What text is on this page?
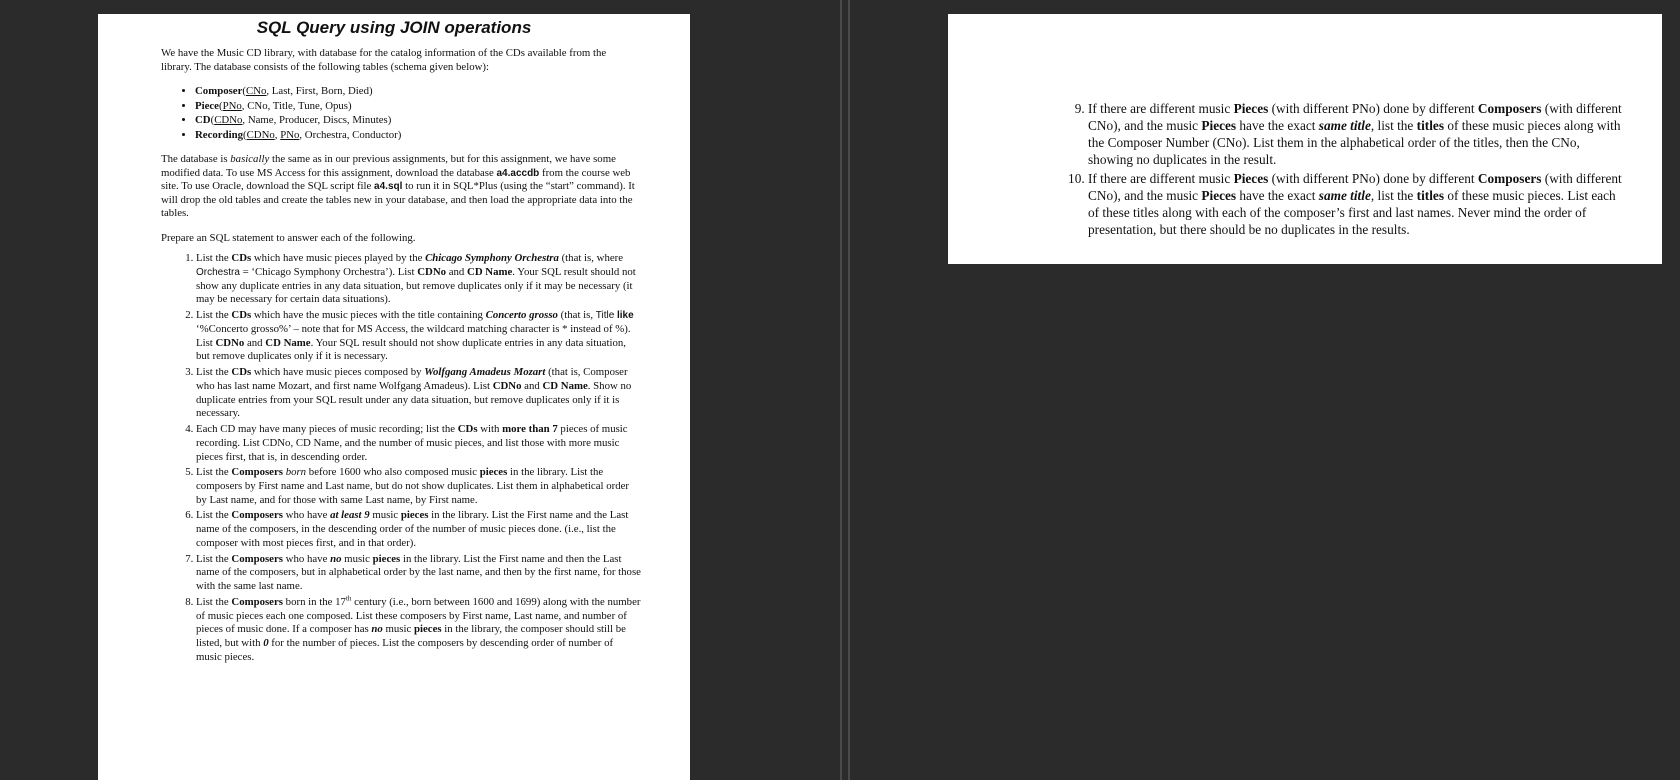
SQL Query using JOIN operations

We have the Music CD library, with database for the catalog information of the CDs available from the library. The database consists of the following tables (schema given below):

• Composer(CNo, Last, First, Born, Died)
• Piece(PNo, CNo, Title, Tune, Opus)
• CD(CDNo, Name, Producer, Discs, Minutes)
• Recording(CDNo, PNo, Orchestra, Conductor)

The database is basically the same as in our previous assignments, but for this assignment, we have some modified data. To use MS Access for this assignment, download the database a4.accdb from the course web site. To use Oracle, download the SQL script file a4.sql to run it in SQL*Plus (using the “start” command). It will drop the old tables and create the tables new in your database, and then load the appropriate data into the tables.

Prepare an SQL statement to answer each of the following.

1. List the CDs which have music pieces played by the Chicago Symphony Orchestra (that is, where Orchestra = ‘Chicago Symphony Orchestra’). List CDNo and CD Name. Your SQL result should not show any duplicate entries in any data situation, but remove duplicates only if it may be necessary (it may be necessary for certain data situations).
2. List the CDs which have the music pieces with the title containing Concerto grosso (that is, Title like ‘%Concerto grosso%’ – note that for MS Access, the wildcard matching character is * instead of %). List CDNo and CD Name. Your SQL result should not show duplicate entries in any data situation, but remove duplicates only if it is necessary.
3. List the CDs which have music pieces composed by Wolfgang Amadeus Mozart (that is, Composer who has last name Mozart, and first name Wolfgang Amadeus). List CDNo and CD Name. Show no duplicate entries from your SQL result under any data situation, but remove duplicates only if it is necessary.
4. Each CD may have many pieces of music recording; list the CDs with more than 7 pieces of music recording. List CDNo, CD Name, and the number of music pieces, and list those with more music pieces first, that is, in descending order.
5. List the Composers born before 1600 who also composed music pieces in the library. List the composers by First name and Last name, but do not show duplicates. List them in alphabetical order by Last name, and for those with same Last name, by First name.
6. List the Composers who have at least 9 music pieces in the library. List the First name and the Last name of the composers, in the descending order of the number of music pieces done. (i.e., list the composer with most pieces first, and in that order).
7. List the Composers who have no music pieces in the library. List the First name and then the Last name of the composers, but in alphabetical order by the last name, and then by the first name, for those with the same last name.
8. List the Composers born in the 17th century (i.e., born between 1600 and 1699) along with the number of music pieces each one composed. List these composers by First name, Last name, and number of pieces of music done. If a composer has no music pieces in the library, the composer should still be listed, but with 0 for the number of pieces. List the composers by descending order of number of music pieces.
9. If there are different music Pieces (with different PNo) done by different Composers (with different CNo), and the music Pieces have the exact same title, list the titles of these music pieces along with the Composer Number (CNo). List them in the alphabetical order of the titles, then the CNo, showing no duplicates in the result.
10. If there are different music Pieces (with different PNo) done by different Composers (with different CNo), and the music Pieces have the exact same title, list the titles of these music pieces. List each of these titles along with each of the composer’s first and last names. Never mind the order of presentation, but there should be no duplicates in the results.
